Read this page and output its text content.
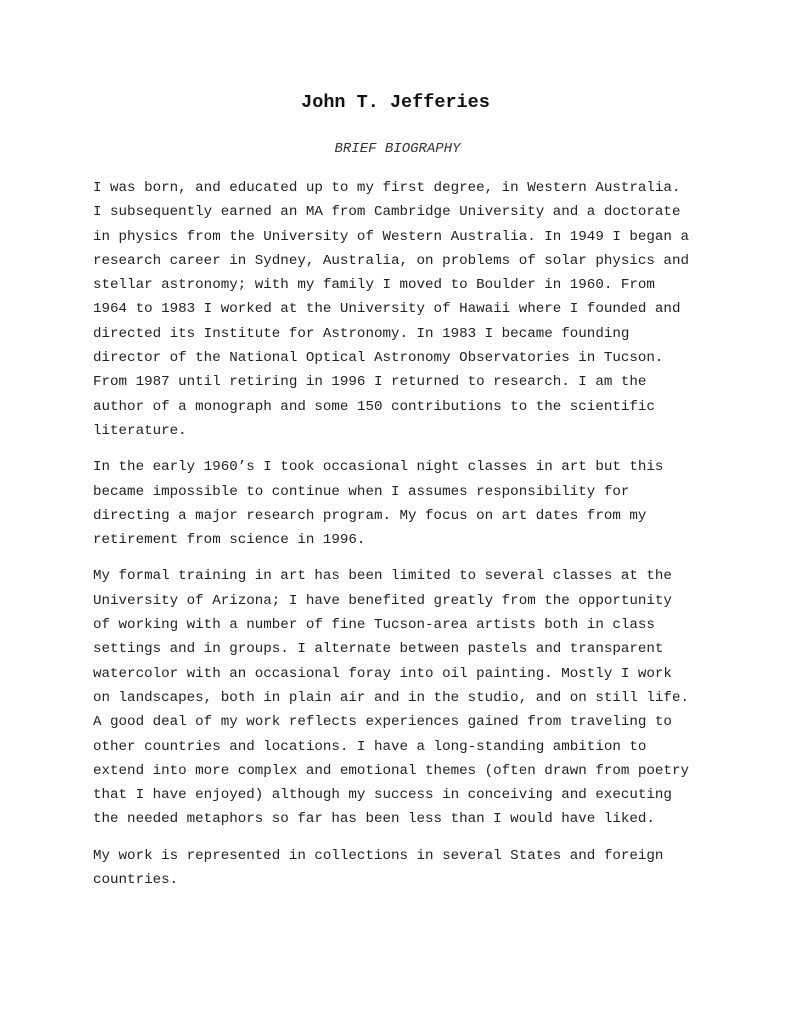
John T. Jefferies
BRIEF BIOGRAPHY

I was born, and educated up to my first degree, in Western Australia.
I subsequently earned an MA from Cambridge University and a doctorate
in physics from the University of Western Australia. In 1949 I began a
research career in Sydney, Australia, on problems of solar physics and
stellar astronomy; with my family I moved to Boulder in 1960. From
1964 to 1983 I worked at the University of Hawaii where I founded and
directed its Institute for Astronomy. In 1983 I became founding
director of the National Optical Astronomy Observatories in Tucson.
From 1987 until retiring in 1996 I returned to research. I am the
author of a monograph and some 150 contributions to the scientific
literature.

In the early 1960’s I took occasional night classes in art but this
became impossible to continue when I assumes responsibility for
directing a major research program. My focus on art dates from my
retirement from science in 1996.

My formal training in art has been limited to several classes at the
University of Arizona; I have benefited greatly from the opportunity
of working with a number of fine Tucson-area artists both in class
settings and in groups. I alternate between pastels and transparent
watercolor with an occasional foray into oil painting. Mostly I work
on landscapes, both in plain air and in the studio, and on still life.
A good deal of my work reflects experiences gained from traveling to
other countries and locations. I have a long-standing ambition to
extend into more complex and emotional themes (often drawn from poetry
that I have enjoyed) although my success in conceiving and executing
the needed metaphors so far has been less than I would have liked.

My work is represented in collections in several States and foreign
countries.
